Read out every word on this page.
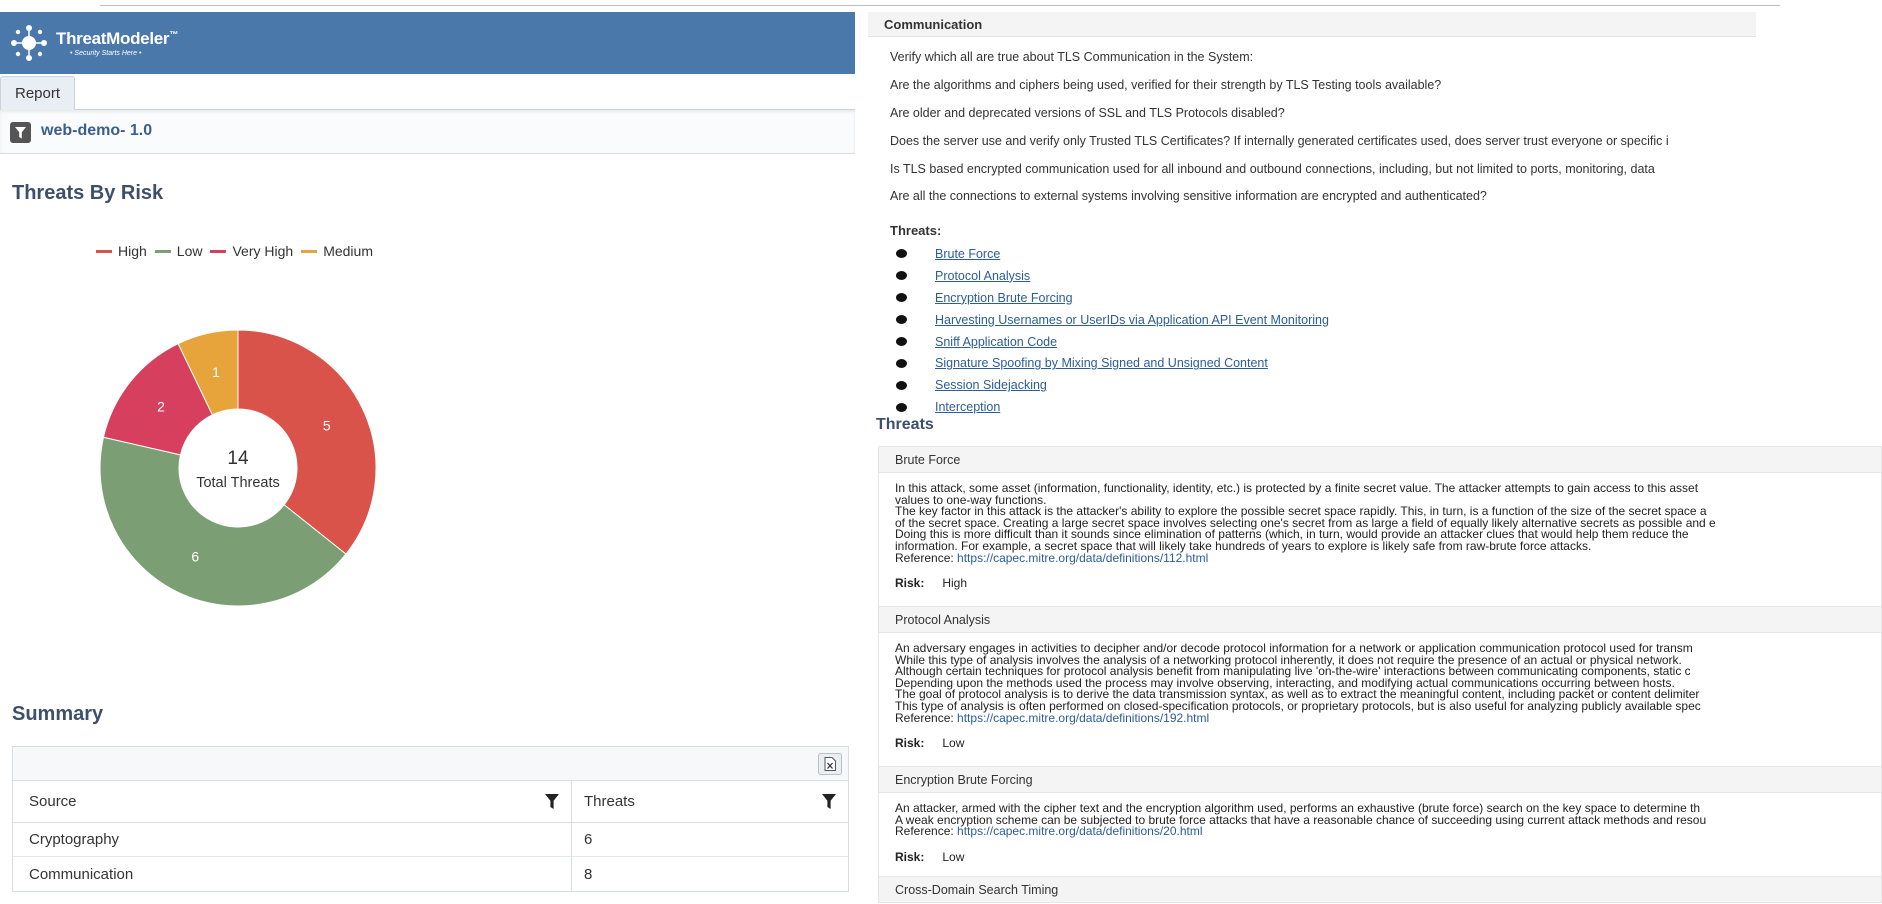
ThreatModeler™
• Security Starts Here •
Report
web-demo- 1.0
Threats By Risk
High Low Very High Medium
5
6
2
1
14
Total Threats
Summary
Source	Threats
Cryptography	6
Communication	8
Communication
Verify which all are true about TLS Communication in the System:
Are the algorithms and ciphers being used, verified for their strength by TLS Testing tools available?
Are older and deprecated versions of SSL and TLS Protocols disabled?
Does the server use and verify only Trusted TLS Certificates? If internally generated certificates used, does server trust everyone or specific i
Is TLS based encrypted communication used for all inbound and outbound connections, including, but not limited to ports, monitoring, data
Are all the connections to external systems involving sensitive information are encrypted and authenticated?
Threats:
Brute Force
Protocol Analysis
Encryption Brute Forcing
Harvesting Usernames or UserIDs via Application API Event Monitoring
Sniff Application Code
Signature Spoofing by Mixing Signed and Unsigned Content
Session Sidejacking
Interception
Threats
Brute Force
In this attack, some asset (information, functionality, identity, etc.) is protected by a finite secret value. The attacker attempts to gain access to this asset
values to one-way functions.
The key factor in this attack is the attacker's ability to explore the possible secret space rapidly. This, in turn, is a function of the size of the secret space a
of the secret space. Creating a large secret space involves selecting one's secret from as large a field of equally likely alternative secrets as possible and e
Doing this is more difficult than it sounds since elimination of patterns (which, in turn, would provide an attacker clues that would help them reduce the
information. For example, a secret space that will likely take hundreds of years to explore is likely safe from raw-brute force attacks.
Reference: https://capec.mitre.org/data/definitions/112.html
Risk: High
Protocol Analysis
An adversary engages in activities to decipher and/or decode protocol information for a network or application communication protocol used for transm
While this type of analysis involves the analysis of a networking protocol inherently, it does not require the presence of an actual or physical network.
Although certain techniques for protocol analysis benefit from manipulating live 'on-the-wire' interactions between communicating components, static c
Depending upon the methods used the process may involve observing, interacting, and modifying actual communications occurring between hosts.
The goal of protocol analysis is to derive the data transmission syntax, as well as to extract the meaningful content, including packet or content delimiter
This type of analysis is often performed on closed-specification protocols, or proprietary protocols, but is also useful for analyzing publicly available spec
Reference: https://capec.mitre.org/data/definitions/192.html
Risk: Low
Encryption Brute Forcing
An attacker, armed with the cipher text and the encryption algorithm used, performs an exhaustive (brute force) search on the key space to determine th
A weak encryption scheme can be subjected to brute force attacks that have a reasonable chance of succeeding using current attack methods and resou
Reference: https://capec.mitre.org/data/definitions/20.html
Risk: Low
Cross-Domain Search Timing
